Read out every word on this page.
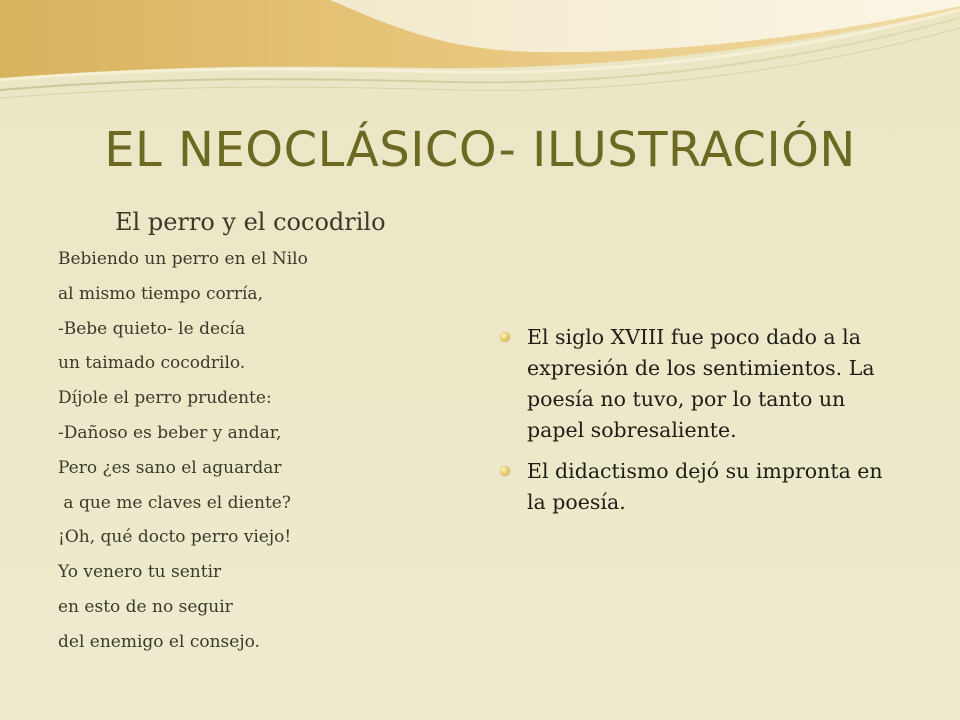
EL NEOCLÁSICO- ILUSTRACIÓN
El perro y el cocodrilo
Bebiendo un perro en el Nilo
al mismo tiempo corría,
-Bebe quieto- le decía
un taimado cocodrilo.
Díjole el perro prudente:
-Dañoso es beber y andar,
Pero ¿es sano el aguardar
a que me claves el diente?
¡Oh, qué docto perro viejo!
Yo venero tu sentir
en esto de no seguir
del enemigo el consejo.
El siglo XVIII fue poco dado a la expresión de los sentimientos. La poesía no tuvo, por lo tanto un papel sobresaliente.
El didactismo dejó su impronta en la poesía.
